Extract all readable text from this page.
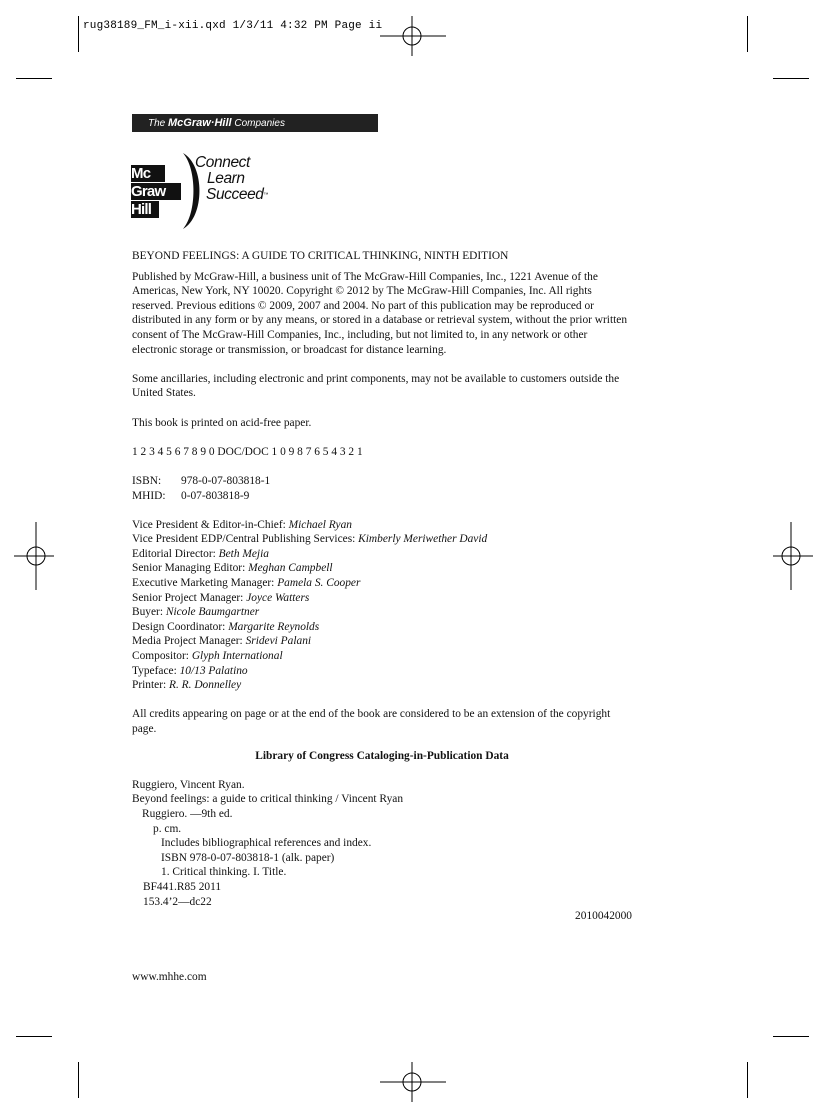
rug38189_FM_i-xii.qxd 1/3/11 4:32 PM Page ii
The McGraw·Hill Companies
Mc
Graw
Hill
Connect
Learn
Succeed™

BEYOND FEELINGS: A GUIDE TO CRITICAL THINKING, NINTH EDITION

Published by McGraw-Hill, a business unit of The McGraw-Hill Companies, Inc., 1221 Avenue of the Americas, New York, NY 10020. Copyright © 2012 by The McGraw-Hill Companies, Inc. All rights reserved. Previous editions © 2009, 2007 and 2004. No part of this publication may be reproduced or distributed in any form or by any means, or stored in a database or retrieval system, without the prior written consent of The McGraw-Hill Companies, Inc., including, but not limited to, in any network or other electronic storage or transmission, or broadcast for distance learning.

Some ancillaries, including electronic and print components, may not be available to customers outside the United States.

This book is printed on acid-free paper.

1 2 3 4 5 6 7 8 9 0 DOC/DOC 1 0 9 8 7 6 5 4 3 2 1

ISBN: 978-0-07-803818-1

MHID: 0-07-803818-9

Vice President & Editor-in-Chief: Michael Ryan

Vice President EDP/Central Publishing Services: Kimberly Meriwether David

Editorial Director: Beth Mejia

Senior Managing Editor: Meghan Campbell

Executive Marketing Manager: Pamela S. Cooper

Senior Project Manager: Joyce Watters

Buyer: Nicole Baumgartner

Design Coordinator: Margarite Reynolds

Media Project Manager: Sridevi Palani

Compositor: Glyph International

Typeface: 10/13 Palatino

Printer: R. R. Donnelley

All credits appearing on page or at the end of the book are considered to be an extension of the copyright page.

Library of Congress Cataloging-in-Publication Data

Ruggiero, Vincent Ryan.

Beyond feelings: a guide to critical thinking / Vincent Ryan

Ruggiero. —9th ed.

p. cm.

Includes bibliographical references and index.

ISBN 978-0-07-803818-1 (alk. paper)

1. Critical thinking. I. Title.

BF441.R85 2011

153.4’2—dc22

2010042000

www.mhhe.com
